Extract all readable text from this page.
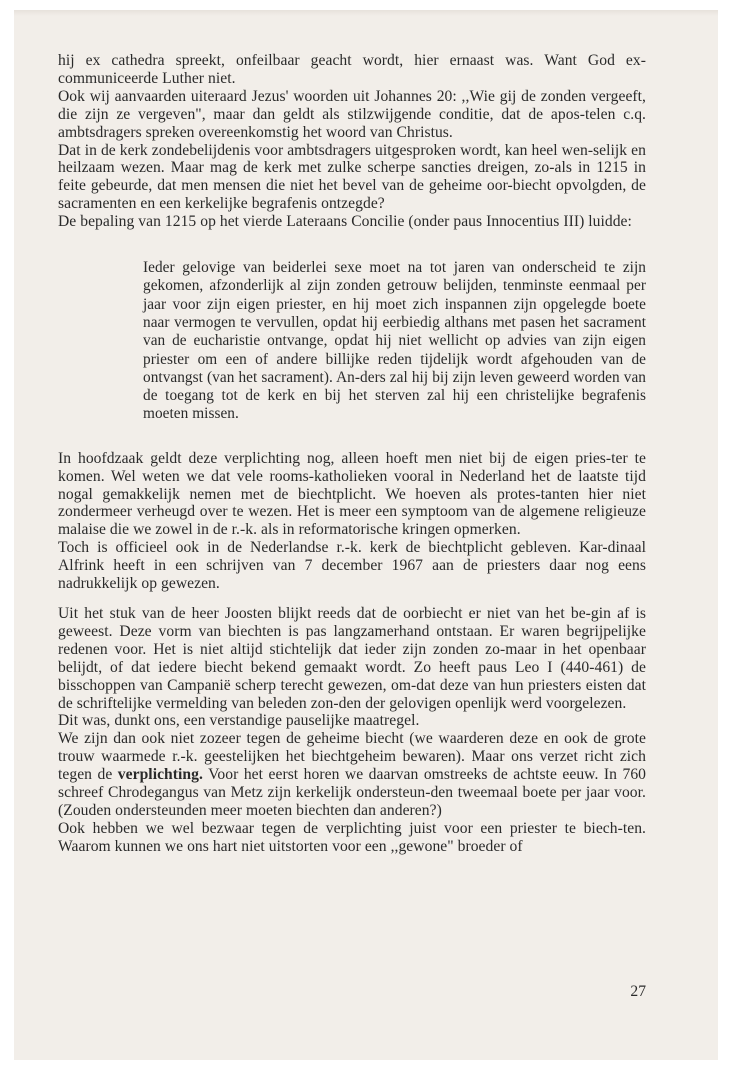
hij ex cathedra spreekt, onfeilbaar geacht wordt, hier ernaast was. Want God ex-communiceerde Luther niet.

Ook wij aanvaarden uiteraard Jezus' woorden uit Johannes 20: ,,Wie gij de zonden vergeeft, die zijn ze vergeven", maar dan geldt als stilzwijgende conditie, dat de apos-telen c.q. ambtsdragers spreken overeenkomstig het woord van Christus.

Dat in de kerk zondebelijdenis voor ambtsdragers uitgesproken wordt, kan heel wen-selijk en heilzaam wezen. Maar mag de kerk met zulke scherpe sancties dreigen, zo-als in 1215 in feite gebeurde, dat men mensen die niet het bevel van de geheime oor-biecht opvolgden, de sacramenten en een kerkelijke begrafenis ontzegde?

De bepaling van 1215 op het vierde Lateraans Concilie (onder paus Innocentius III) luidde:

Ieder gelovige van beiderlei sexe moet na tot jaren van onderscheid te zijn gekomen, afzonderlijk al zijn zonden getrouw belijden, tenminste eenmaal per jaar voor zijn eigen priester, en hij moet zich inspannen zijn opgelegde boete naar vermogen te vervullen, opdat hij eerbiedig althans met pasen het sacrament van de eucharistie ontvange, opdat hij niet wellicht op advies van zijn eigen priester om een of andere billijke reden tijdelijk wordt afgehouden van de ontvangst (van het sacrament). An-ders zal hij bij zijn leven geweerd worden van de toegang tot de kerk en bij het sterven zal hij een christelijke begrafenis moeten missen.

In hoofdzaak geldt deze verplichting nog, alleen hoeft men niet bij de eigen pries-ter te komen. Wel weten we dat vele rooms-katholieken vooral in Nederland het de laatste tijd nogal gemakkelijk nemen met de biechtplicht. We hoeven als protes-tanten hier niet zondermeer verheugd over te wezen. Het is meer een symptoom van de algemene religieuze malaise die we zowel in de r.-k. als in reformatorische kringen opmerken.

Toch is officieel ook in de Nederlandse r.-k. kerk de biechtplicht gebleven. Kar-dinaal Alfrink heeft in een schrijven van 7 december 1967 aan de priesters daar nog eens nadrukkelijk op gewezen.

Uit het stuk van de heer Joosten blijkt reeds dat de oorbiecht er niet van het be-gin af is geweest. Deze vorm van biechten is pas langzamerhand ontstaan. Er waren begrijpelijke redenen voor. Het is niet altijd stichtelijk dat ieder zijn zonden zo-maar in het openbaar belijdt, of dat iedere biecht bekend gemaakt wordt. Zo heeft paus Leo I (440-461) de bisschoppen van Campanië scherp terecht gewezen, om-dat deze van hun priesters eisten dat de schriftelijke vermelding van beleden zon-den der gelovigen openlijk werd voorgelezen.

Dit was, dunkt ons, een verstandige pauselijke maatregel.

We zijn dan ook niet zozeer tegen de geheime biecht (we waarderen deze en ook de grote trouw waarmede r.-k. geestelijken het biechtgeheim bewaren). Maar ons verzet richt zich tegen de verplichting. Voor het eerst horen we daarvan omstreeks de achtste eeuw. In 760 schreef Chrodegangus van Metz zijn kerkelijk ondersteun-den tweemaal boete per jaar voor. (Zouden ondersteunden meer moeten biechten dan anderen?)

Ook hebben we wel bezwaar tegen de verplichting juist voor een priester te biech-ten. Waarom kunnen we ons hart niet uitstorten voor een ,,gewone" broeder of

27
